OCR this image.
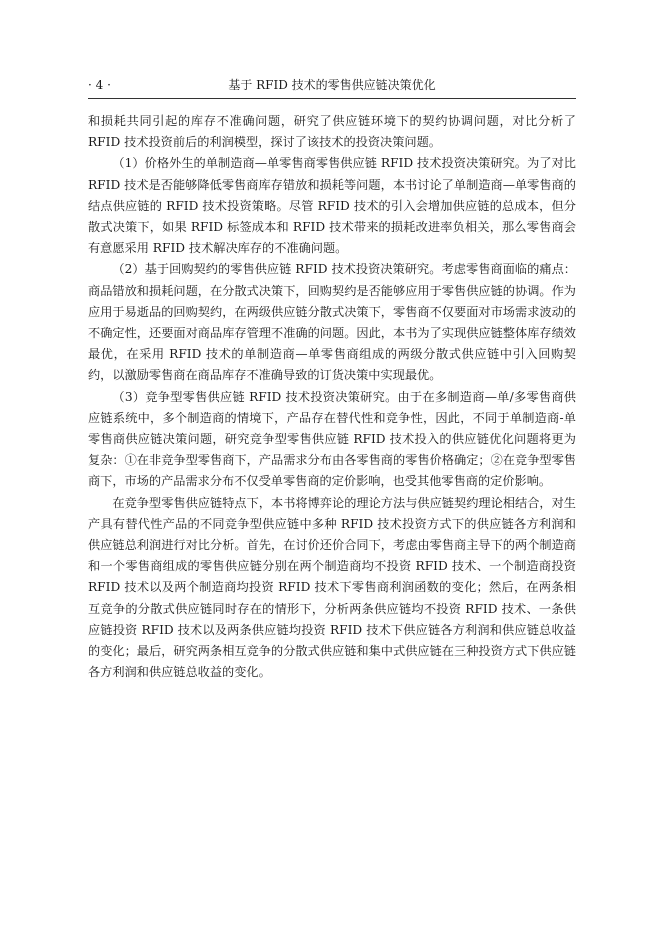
· 4 ·	基于 RFID 技术的零售供应链决策优化

和损耗共同引起的库存不准确问题，研究了供应链环境下的契约协调问题，对比分析了 RFID 技术投资前后的利润模型，探讨了该技术的投资决策问题。

（1）价格外生的单制造商—单零售商零售供应链 RFID 技术投资决策研究。为了对比 RFID 技术是否能够降低零售商库存错放和损耗等问题，本书讨论了单制造商—单零售商的结点供应链的 RFID 技术投资策略。尽管 RFID 技术的引入会增加供应链的总成本，但分散式决策下，如果 RFID 标签成本和 RFID 技术带来的损耗改进率负相关，那么零售商会有意愿采用 RFID 技术解决库存的不准确问题。

（2）基于回购契约的零售供应链 RFID 技术投资决策研究。考虑零售商面临的痛点：商品错放和损耗问题，在分散式决策下，回购契约是否能够应用于零售供应链的协调。作为应用于易逝品的回购契约，在两级供应链分散式决策下，零售商不仅要面对市场需求波动的不确定性，还要面对商品库存管理不准确的问题。因此，本书为了实现供应链整体库存绩效最优，在采用 RFID 技术的单制造商—单零售商组成的两级分散式供应链中引入回购契约，以激励零售商在商品库存不准确导致的订货决策中实现最优。

（3）竞争型零售供应链 RFID 技术投资决策研究。由于在多制造商—单/多零售商供应链系统中，多个制造商的情境下，产品存在替代性和竞争性，因此，不同于单制造商-单零售商供应链决策问题，研究竞争型零售供应链 RFID 技术投入的供应链优化问题将更为复杂：①在非竞争型零售商下，产品需求分布由各零售商的零售价格确定；②在竞争型零售商下，市场的产品需求分布不仅受单零售商的定价影响，也受其他零售商的定价影响。

在竞争型零售供应链特点下，本书将博弈论的理论方法与供应链契约理论相结合，对生产具有替代性产品的不同竞争型供应链中多种 RFID 技术投资方式下的供应链各方利润和供应链总利润进行对比分析。首先，在讨价还价合同下，考虑由零售商主导下的两个制造商和一个零售商组成的零售供应链分别在两个制造商均不投资 RFID 技术、一个制造商投资 RFID 技术以及两个制造商均投资 RFID 技术下零售商利润函数的变化；然后，在两条相互竞争的分散式供应链同时存在的情形下，分析两条供应链均不投资 RFID 技术、一条供应链投资 RFID 技术以及两条供应链均投资 RFID 技术下供应链各方利润和供应链总收益的变化；最后，研究两条相互竞争的分散式供应链和集中式供应链在三种投资方式下供应链各方利润和供应链总收益的变化。
